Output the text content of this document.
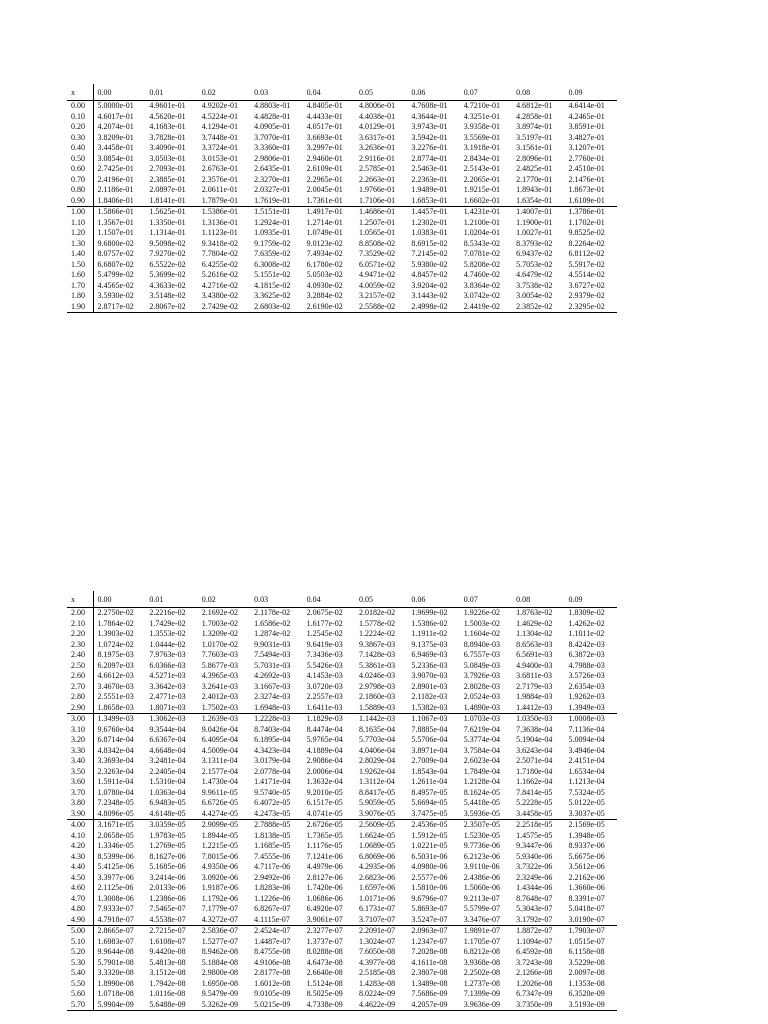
x	0.00	0.01	0.02	0.03	0.04	0.05	0.06	0.07	0.08	0.09
0.00	5.0000e-01	4.9601e-01	4.9202e-01	4.8803e-01	4.8405e-01	4.8006e-01	4.7608e-01	4.7210e-01	4.6812e-01	4.6414e-01
0.10	4.6017e-01	4.5620e-01	4.5224e-01	4.4828e-01	4.4433e-01	4.4038e-01	4.3644e-01	4.3251e-01	4.2858e-01	4.2465e-01
0.20	4.2074e-01	4.1683e-01	4.1294e-01	4.0905e-01	4.0517e-01	4.0129e-01	3.9743e-01	3.9358e-01	3.8974e-01	3.8591e-01
0.30	3.8209e-01	3.7828e-01	3.7448e-01	3.7070e-01	3.6693e-01	3.6317e-01	3.5942e-01	3.5569e-01	3.5197e-01	3.4827e-01
0.40	3.4458e-01	3.4090e-01	3.3724e-01	3.3360e-01	3.2997e-01	3.2636e-01	3.2276e-01	3.1918e-01	3.1561e-01	3.1207e-01
0.50	3.0854e-01	3.0503e-01	3.0153e-01	2.9806e-01	2.9460e-01	2.9116e-01	2.8774e-01	2.8434e-01	2.8096e-01	2.7760e-01
0.60	2.7425e-01	2.7093e-01	2.6763e-01	2.6435e-01	2.6109e-01	2.5785e-01	2.5463e-01	2.5143e-01	2.4825e-01	2.4510e-01
0.70	2.4196e-01	2.3885e-01	2.3576e-01	2.3270e-01	2.2965e-01	2.2663e-01	2.2363e-01	2.2065e-01	2.1770e-01	2.1476e-01
0.80	2.1186e-01	2.0897e-01	2.0611e-01	2.0327e-01	2.0045e-01	1.9766e-01	1.9489e-01	1.9215e-01	1.8943e-01	1.8673e-01
0.90	1.8406e-01	1.8141e-01	1.7879e-01	1.7619e-01	1.7361e-01	1.7106e-01	1.6853e-01	1.6602e-01	1.6354e-01	1.6109e-01
1.00	1.5866e-01	1.5625e-01	1.5386e-01	1.5151e-01	1.4917e-01	1.4686e-01	1.4457e-01	1.4231e-01	1.4007e-01	1.3786e-01
1.10	1.3567e-01	1.3350e-01	1.3136e-01	1.2924e-01	1.2714e-01	1.2507e-01	1.2302e-01	1.2100e-01	1.1900e-01	1.1702e-01
1.20	1.1507e-01	1.1314e-01	1.1123e-01	1.0935e-01	1.0749e-01	1.0565e-01	1.0383e-01	1.0204e-01	1.0027e-01	9.8525e-02
1.30	9.6800e-02	9.5098e-02	9.3418e-02	9.1759e-02	9.0123e-02	8.8508e-02	8.6915e-02	8.5343e-02	8.3793e-02	8.2264e-02
1.40	8.0757e-02	7.9270e-02	7.7804e-02	7.6359e-02	7.4934e-02	7.3529e-02	7.2145e-02	7.0781e-02	6.9437e-02	6.8112e-02
1.50	6.6807e-02	6.5522e-02	6.4255e-02	6.3008e-02	6.1780e-02	6.0571e-02	5.9380e-02	5.8208e-02	5.7053e-02	5.5917e-02
1.60	5.4799e-02	5.3699e-02	5.2616e-02	5.1551e-02	5.0503e-02	4.9471e-02	4.8457e-02	4.7460e-02	4.6479e-02	4.5514e-02
1.70	4.4565e-02	4.3633e-02	4.2716e-02	4.1815e-02	4.0930e-02	4.0059e-02	3.9204e-02	3.8364e-02	3.7538e-02	3.6727e-02
1.80	3.5930e-02	3.5148e-02	3.4380e-02	3.3625e-02	3.2884e-02	3.2157e-02	3.1443e-02	3.0742e-02	3.0054e-02	2.9379e-02
1.90	2.8717e-02	2.8067e-02	2.7429e-02	2.6803e-02	2.6190e-02	2.5588e-02	2.4998e-02	2.4419e-02	2.3852e-02	2.3295e-02
x	0.00	0.01	0.02	0.03	0.04	0.05	0.06	0.07	0.08	0.09
2.00	2.2750e-02	2.2216e-02	2.1692e-02	2.1178e-02	2.0675e-02	2.0182e-02	1.9699e-02	1.9226e-02	1.8763e-02	1.8309e-02
2.10	1.7864e-02	1.7429e-02	1.7003e-02	1.6586e-02	1.6177e-02	1.5778e-02	1.5386e-02	1.5003e-02	1.4629e-02	1.4262e-02
2.20	1.3903e-02	1.3553e-02	1.3209e-02	1.2874e-02	1.2545e-02	1.2224e-02	1.1911e-02	1.1604e-02	1.1304e-02	1.1011e-02
2.30	1.0724e-02	1.0444e-02	1.0170e-02	9.9031e-03	9.6419e-03	9.3867e-03	9.1375e-03	8.8940e-03	8.6563e-03	8.4242e-03
2.40	8.1975e-03	7.9763e-03	7.7603e-03	7.5494e-03	7.3436e-03	7.1428e-03	6.9469e-03	6.7557e-03	6.5691e-03	6.3872e-03
2.50	6.2097e-03	6.0366e-03	5.8677e-03	5.7031e-03	5.5426e-03	5.3861e-03	5.2336e-03	5.0849e-03	4.9400e-03	4.7988e-03
2.60	4.6612e-03	4.5271e-03	4.3965e-03	4.2692e-03	4.1453e-03	4.0246e-03	3.9070e-03	3.7926e-03	3.6811e-03	3.5726e-03
2.70	3.4670e-03	3.3642e-03	3.2641e-03	3.1667e-03	3.0720e-03	2.9798e-03	2.8901e-03	2.8028e-03	2.7179e-03	2.6354e-03
2.80	2.5551e-03	2.4771e-03	2.4012e-03	2.3274e-03	2.2557e-03	2.1860e-03	2.1182e-03	2.0524e-03	1.9884e-03	1.9262e-03
2.90	1.8658e-03	1.8071e-03	1.7502e-03	1.6948e-03	1.6411e-03	1.5889e-03	1.5382e-03	1.4890e-03	1.4412e-03	1.3949e-03
3.00	1.3499e-03	1.3062e-03	1.2639e-03	1.2228e-03	1.1829e-03	1.1442e-03	1.1067e-03	1.0703e-03	1.0350e-03	1.0008e-03
3.10	9.6760e-04	9.3544e-04	9.0426e-04	8.7403e-04	8.4474e-04	8.1635e-04	7.8885e-04	7.6219e-04	7.3638e-04	7.1136e-04
3.20	6.8714e-04	6.6367e-04	6.4095e-04	6.1895e-04	5.9765e-04	5.7703e-04	5.5706e-04	5.3774e-04	5.1904e-04	5.0094e-04
3.30	4.8342e-04	4.6648e-04	4.5009e-04	4.3423e-04	4.1889e-04	4.0406e-04	3.8971e-04	3.7584e-04	3.6243e-04	3.4946e-04
3.40	3.3693e-04	3.2481e-04	3.1311e-04	3.0179e-04	2.9086e-04	2.8029e-04	2.7009e-04	2.6023e-04	2.5071e-04	2.4151e-04
3.50	2.3263e-04	2.2405e-04	2.1577e-04	2.0778e-04	2.0006e-04	1.9262e-04	1.8543e-04	1.7849e-04	1.7180e-04	1.6534e-04
3.60	1.5911e-04	1.5310e-04	1.4730e-04	1.4171e-04	1.3632e-04	1.3112e-04	1.2611e-04	1.2128e-04	1.1662e-04	1.1213e-04
3.70	1.0780e-04	1.0363e-04	9.9611e-05	9.5740e-05	9.2010e-05	8.8417e-05	8.4957e-05	8.1624e-05	7.8414e-05	7.5324e-05
3.80	7.2348e-05	6.9483e-05	6.6726e-05	6.4072e-05	6.1517e-05	5.9059e-05	5.6694e-05	5.4418e-05	5.2228e-05	5.0122e-05
3.90	4.8096e-05	4.6148e-05	4.4274e-05	4.2473e-05	4.0741e-05	3.9076e-05	3.7475e-05	3.5936e-05	3.4458e-05	3.3037e-05
4.00	3.1671e-05	3.0359e-05	2.9099e-05	2.7888e-05	2.6726e-05	2.5609e-05	2.4536e-05	2.3507e-05	2.2518e-05	2.1569e-05
4.10	2.0658e-05	1.9783e-05	1.8944e-05	1.8138e-05	1.7365e-05	1.6624e-05	1.5912e-05	1.5230e-05	1.4575e-05	1.3948e-05
4.20	1.3346e-05	1.2769e-05	1.2215e-05	1.1685e-05	1.1176e-05	1.0689e-05	1.0221e-05	9.7736e-06	9.3447e-06	8.9337e-06
4.30	8.5399e-06	8.1627e-06	7.8015e-06	7.4555e-06	7.1241e-06	6.8069e-06	6.5031e-06	6.2123e-06	5.9340e-06	5.6675e-06
4.40	5.4125e-06	5.1685e-06	4.9350e-06	4.7117e-06	4.4979e-06	4.2935e-06	4.0980e-06	3.9110e-06	3.7322e-06	3.5612e-06
4.50	3.3977e-06	3.2414e-06	3.0920e-06	2.9492e-06	2.8127e-06	2.6823e-06	2.5577e-06	2.4386e-06	2.3249e-06	2.2162e-06
4.60	2.1125e-06	2.0133e-06	1.9187e-06	1.8283e-06	1.7420e-06	1.6597e-06	1.5810e-06	1.5060e-06	1.4344e-06	1.3660e-06
4.70	1.3008e-06	1.2386e-06	1.1792e-06	1.1226e-06	1.0686e-06	1.0171e-06	9.6796e-07	9.2113e-07	8.7648e-07	8.3391e-07
4.80	7.9333e-07	7.5465e-07	7.1779e-07	6.8267e-07	6.4920e-07	6.1731e-07	5.8693e-07	5.5799e-07	5.3043e-07	5.0418e-07
4.90	4.7918e-07	4.5538e-07	4.3272e-07	4.1115e-07	3.9061e-07	3.7107e-07	3.5247e-07	3.3476e-07	3.1792e-07	3.0190e-07
5.00	2.8665e-07	2.7215e-07	2.5836e-07	2.4524e-07	2.3277e-07	2.2091e-07	2.0963e-07	1.9891e-07	1.8872e-07	1.7903e-07
5.10	1.6983e-07	1.6108e-07	1.5277e-07	1.4487e-07	1.3737e-07	1.3024e-07	1.2347e-07	1.1705e-07	1.1094e-07	1.0515e-07
5.20	9.9644e-08	9.4420e-08	8.9462e-08	8.4755e-08	8.0288e-08	7.6050e-08	7.2028e-08	6.8212e-08	6.4592e-08	6.1158e-08
5.30	5.7901e-08	5.4813e-08	5.1884e-08	4.9106e-08	4.6473e-08	4.3977e-08	4.1611e-08	3.9368e-08	3.7243e-08	3.5229e-08
5.40	3.3320e-08	3.1512e-08	2.9800e-08	2.8177e-08	2.6640e-08	2.5185e-08	2.3807e-08	2.2502e-08	2.1266e-08	2.0097e-08
5.50	1.8990e-08	1.7942e-08	1.6950e-08	1.6012e-08	1.5124e-08	1.4283e-08	1.3489e-08	1.2737e-08	1.2026e-08	1.1353e-08
5.60	1.0718e-08	1.0116e-08	9.5479e-09	9.0105e-09	8.5025e-09	8.0224e-09	7.5686e-09	7.1399e-09	6.7347e-09	6.3520e-09
5.70	5.9904e-09	5.6488e-09	5.3262e-09	5.0215e-09	4.7338e-09	4.4622e-09	4.2057e-09	3.9636e-09	3.7350e-09	3.5193e-09
